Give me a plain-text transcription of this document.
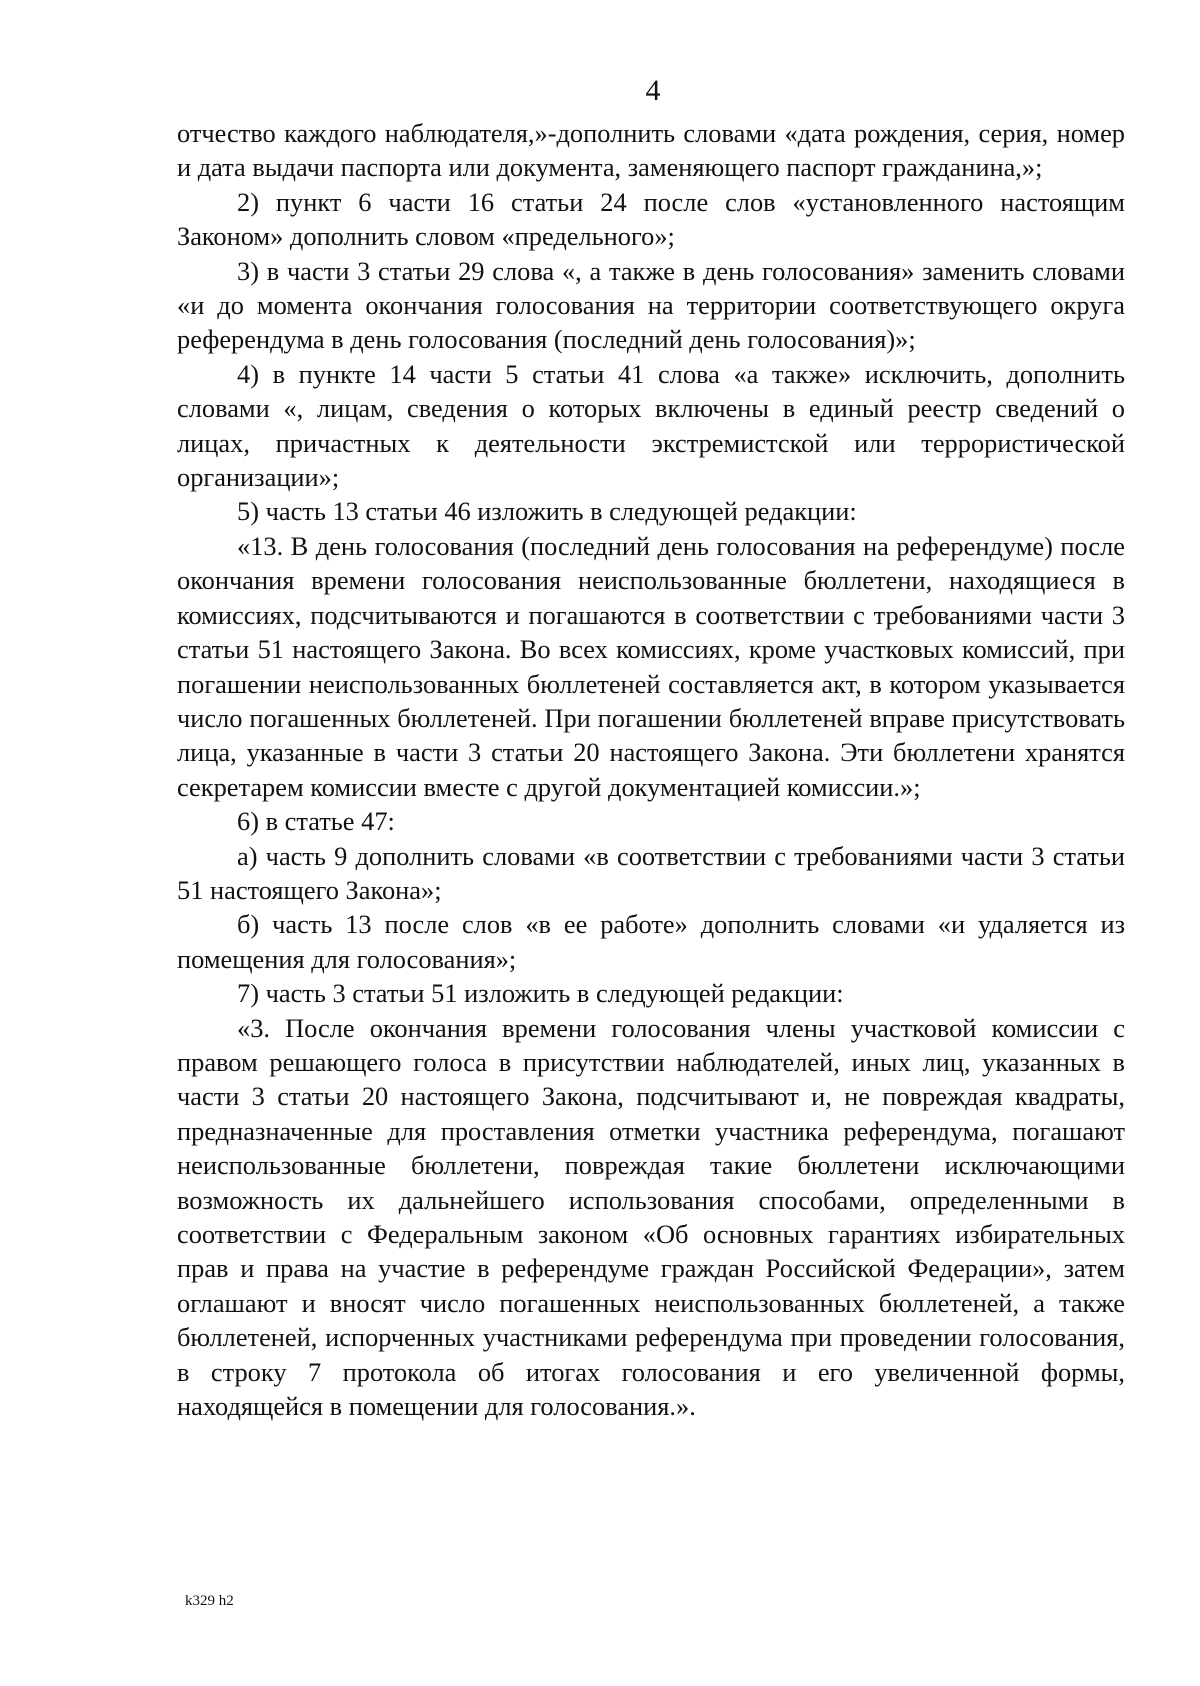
4

отчество каждого наблюдателя,»-дополнить словами «дата рождения, серия, номер и дата выдачи паспорта или документа, заменяющего паспорт гражданина,»;

2) пункт 6 части 16 статьи 24 после слов «установленного настоящим Законом» дополнить словом «предельного»;

3) в части 3 статьи 29 слова «, а также в день голосования» заменить словами «и до момента окончания голосования на территории соответствующего округа референдума в день голосования (последний день голосования)»;

4) в пункте 14 части 5 статьи 41 слова «а также» исключить, дополнить словами «, лицам, сведения о которых включены в единый реестр сведений о лицах, причастных к деятельности экстремистской или террористической организации»;

5) часть 13 статьи 46 изложить в следующей редакции:

«13. В день голосования (последний день голосования на референдуме) после окончания времени голосования неиспользованные бюллетени, находящиеся в комиссиях, подсчитываются и погашаются в соответствии с требованиями части 3 статьи 51 настоящего Закона. Во всех комиссиях, кроме участковых комиссий, при погашении неиспользованных бюллетеней составляется акт, в котором указывается число погашенных бюллетеней. При погашении бюллетеней вправе присутствовать лица, указанные в части 3 статьи 20 настоящего Закона. Эти бюллетени хранятся секретарем комиссии вместе с другой документацией комиссии.»;

6) в статье 47:

а) часть 9 дополнить словами «в соответствии с требованиями части 3 статьи 51 настоящего Закона»;

б) часть 13 после слов «в ее работе» дополнить словами «и удаляется из помещения для голосования»;

7) часть 3 статьи 51 изложить в следующей редакции:

«3. После окончания времени голосования члены участковой комиссии с правом решающего голоса в присутствии наблюдателей, иных лиц, указанных в части 3 статьи 20 настоящего Закона, подсчитывают и, не повреждая квадраты, предназначенные для проставления отметки участника референдума, погашают неиспользованные бюллетени, повреждая такие бюллетени исключающими возможность их дальнейшего использования способами, определенными в соответствии с Федеральным законом «Об основных гарантиях избирательных прав и права на участие в референдуме граждан Российской Федерации», затем оглашают и вносят число погашенных неиспользованных бюллетеней, а также бюллетеней, испорченных участниками референдума при проведении голосования, в строку 7 протокола об итогах голосования и его увеличенной формы, находящейся в помещении для голосования.».

k329 h2
